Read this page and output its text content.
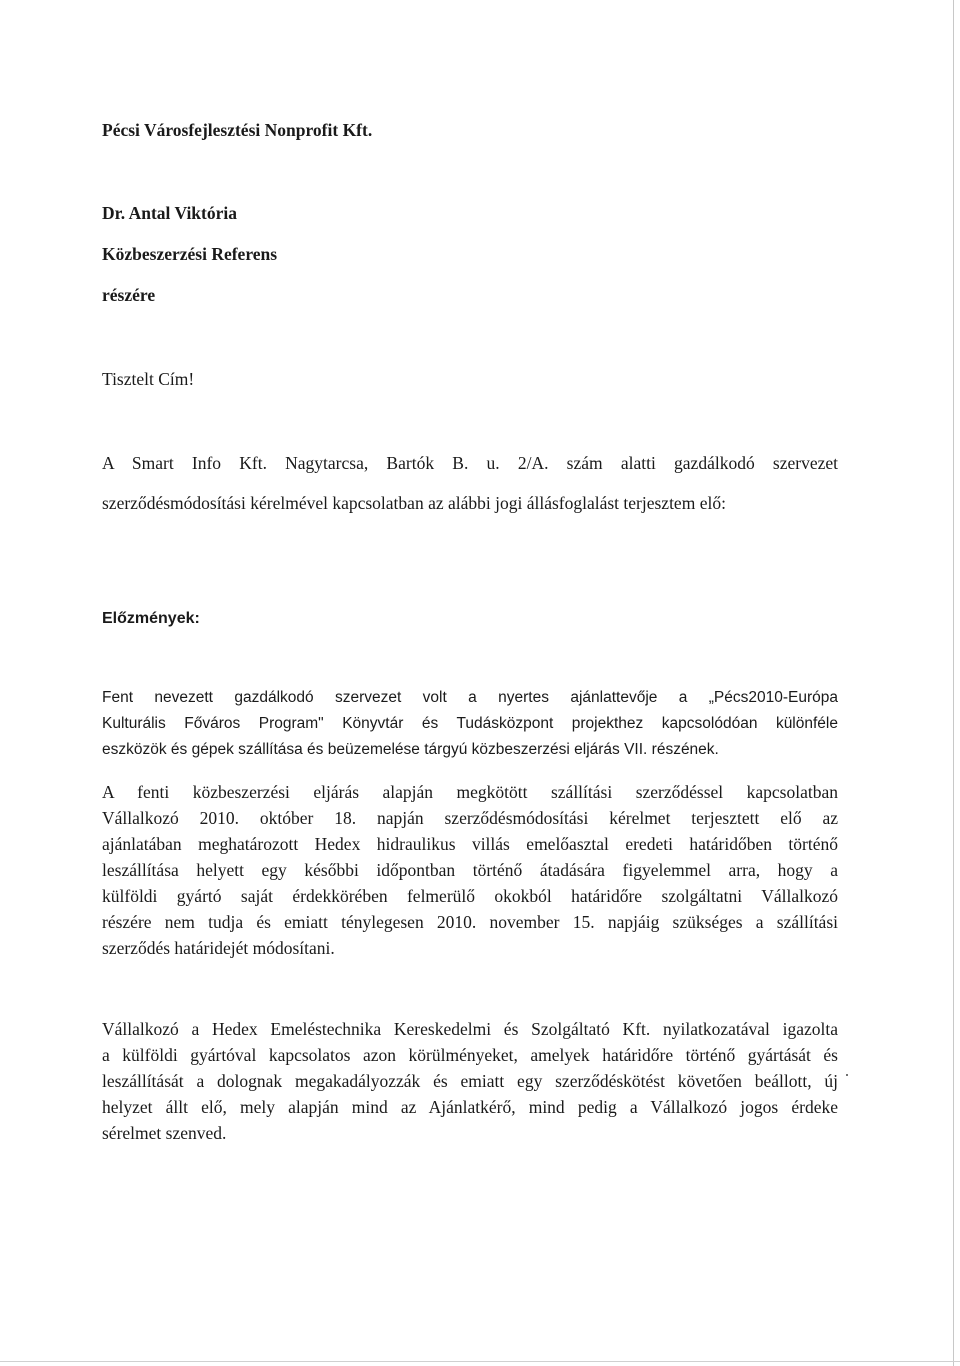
Pécsi Városfejlesztési Nonprofit Kft.
Dr. Antal Viktória
Közbeszerzési Referens
részére
Tisztelt Cím!
A Smart Info Kft. Nagytarcsa, Bartók B. u. 2/A. szám alatti gazdálkodó szervezet
szerződésmódosítási kérelmével kapcsolatban az alábbi jogi állásfoglalást terjesztem elő:
Előzmények:
Fent nevezett gazdálkodó szervezet volt a nyertes ajánlattevője a „Pécs2010-Európa
Kulturális Főváros Program" Könyvtár és Tudásközpont projekthez kapcsolódóan különféle
eszközök és gépek szállítása és beüzemelése tárgyú közbeszerzési eljárás VII. részének.
A fenti közbeszerzési eljárás alapján megkötött szállítási szerződéssel kapcsolatban
Vállalkozó 2010. október 18. napján szerződésmódosítási kérelmet terjesztett elő az
ajánlatában meghatározott Hedex hidraulikus villás emelőasztal eredeti határidőben történő
leszállítása helyett egy későbbi időpontban történő átadására figyelemmel arra, hogy a
külföldi gyártó saját érdekkörében felmerülő okokból határidőre szolgáltatni Vállalkozó
részére nem tudja és emiatt ténylegesen 2010. november 15. napjáig szükséges a szállítási
szerződés határidejét módosítani.
Vállalkozó a Hedex Emeléstechnika Kereskedelmi és Szolgáltató Kft. nyilatkozatával igazolta
a külföldi gyártóval kapcsolatos azon körülményeket, amelyek határidőre történő gyártását és
leszállítását a dolognak megakadályozzák és emiatt egy szerződéskötést követően beállott, új
helyzet állt elő, mely alapján mind az Ajánlatkérő, mind pedig a Vállalkozó jogos érdeke
sérelmet szenved.
